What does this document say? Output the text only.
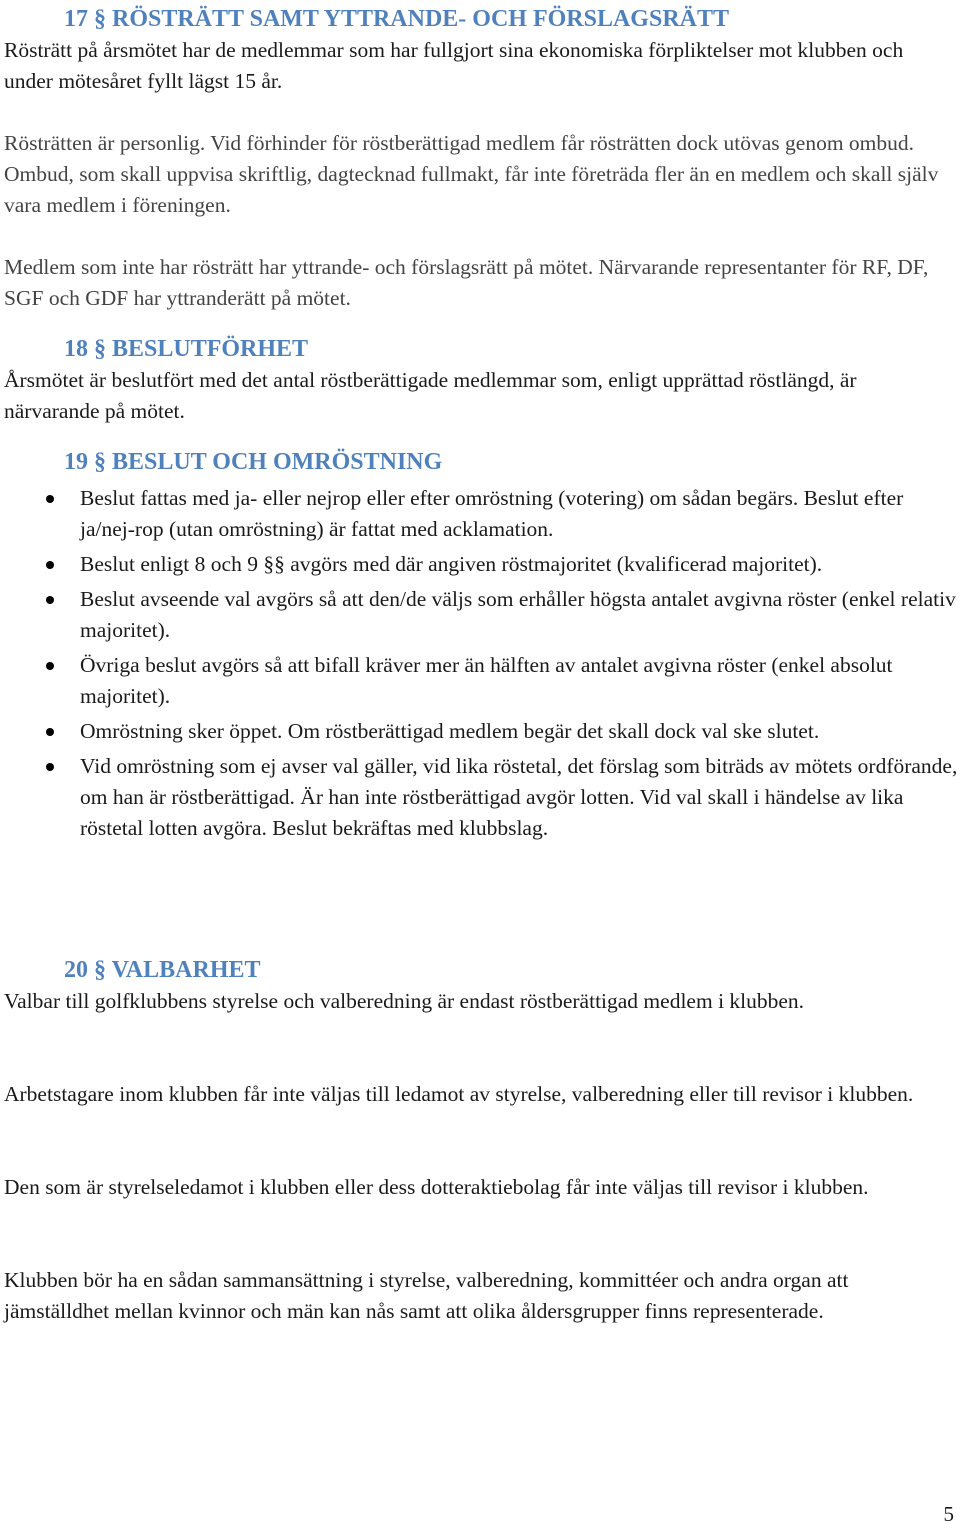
17 § RÖSTRÄTT SAMT YTTRANDE- OCH FÖRSLAGSRÄTT
Rösträtt på årsmötet har de medlemmar som har fullgjort sina ekonomiska förpliktelser mot klubben och under mötesåret fyllt lägst 15 år.
Rösträtten är personlig. Vid förhinder för röstberättigad medlem får rösträtten dock utövas genom ombud. Ombud, som skall uppvisa skriftlig, dagtecknad fullmakt, får inte företräda fler än en medlem och skall själv vara medlem i föreningen.
Medlem som inte har rösträtt har yttrande- och förslagsrätt på mötet. Närvarande representanter för RF, DF, SGF och GDF har yttranderätt på mötet.
18 § BESLUTFÖRHET
Årsmötet är beslutfört med det antal röstberättigade medlemmar som, enligt upprättad röstlängd, är närvarande på mötet.
19 § BESLUT OCH OMRÖSTNING
Beslut fattas med ja- eller nejrop eller efter omröstning (votering) om sådan begärs. Beslut efter ja/nej-rop (utan omröstning) är fattat med acklamation.
Beslut enligt 8 och 9 §§ avgörs med där angiven röstmajoritet (kvalificerad majoritet).
Beslut avseende val avgörs så att den/de väljs som erhåller högsta antalet avgivna röster (enkel relativ majoritet).
Övriga beslut avgörs så att bifall kräver mer än hälften av antalet avgivna röster (enkel absolut majoritet).
Omröstning sker öppet. Om röstberättigad medlem begär det skall dock val ske slutet.
Vid omröstning som ej avser val gäller, vid lika röstetal, det förslag som biträds av mötets ordförande, om han är röstberättigad. Är han inte röstberättigad avgör lotten. Vid val skall i händelse av lika röstetal lotten avgöra. Beslut bekräftas med klubbslag.
20 § VALBARHET
Valbar till golfklubbens styrelse och valberedning är endast röstberättigad medlem i klubben.
Arbetstagare inom klubben får inte väljas till ledamot av styrelse, valberedning eller till revisor i klubben.
Den som är styrelseledamot i klubben eller dess dotteraktiebolag får inte väljas till revisor i klubben.
Klubben bör ha en sådan sammansättning i styrelse, valberedning, kommittéer och andra organ att jämställdhet mellan kvinnor och män kan nås samt att olika åldersgrupper finns representerade.
5
